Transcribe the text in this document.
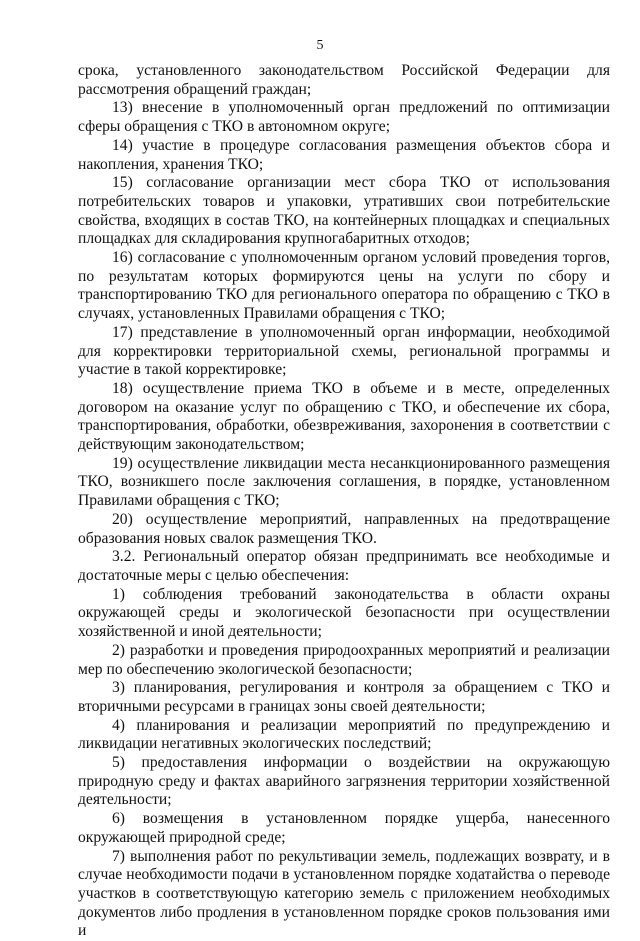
5

срока, установленного законодательством Российской Федерации для рассмотрения обращений граждан;

13) внесение в уполномоченный орган предложений по оптимизации сферы обращения с ТКО в автономном округе;

14) участие в процедуре согласования размещения объектов сбора и накопления, хранения ТКО;

15) согласование организации мест сбора ТКО от использования потребительских товаров и упаковки, утративших свои потребительские свойства, входящих в состав ТКО, на контейнерных площадках и специальных площадках для складирования крупногабаритных отходов;

16) согласование с уполномоченным органом условий проведения торгов, по результатам которых формируются цены на услуги по сбору и транспортированию ТКО для регионального оператора по обращению с ТКО в случаях, установленных Правилами обращения с ТКО;

17) представление в уполномоченный орган информации, необходимой для корректировки территориальной схемы, региональной программы и участие в такой корректировке;

18) осуществление приема ТКО в объеме и в месте, определенных договором на оказание услуг по обращению с ТКО, и обеспечение их сбора, транспортирования, обработки, обезвреживания, захоронения в соответствии с действующим законодательством;

19) осуществление ликвидации места несанкционированного размещения ТКО, возникшего после заключения соглашения, в порядке, установленном Правилами обращения с ТКО;

20) осуществление мероприятий, направленных на предотвращение образования новых свалок размещения ТКО.

3.2. Региональный оператор обязан предпринимать все необходимые и достаточные меры с целью обеспечения:

1) соблюдения требований законодательства в области охраны окружающей среды и экологической безопасности при осуществлении хозяйственной и иной деятельности;

2) разработки и проведения природоохранных мероприятий и реализации мер по обеспечению экологической безопасности;

3) планирования, регулирования и контроля за обращением с ТКО и вторичными ресурсами в границах зоны своей деятельности;

4) планирования и реализации мероприятий по предупреждению и ликвидации негативных экологических последствий;

5) предоставления информации о воздействии на окружающую природную среду и фактах аварийного загрязнения территории хозяйственной деятельности;

6) возмещения в установленном порядке ущерба, нанесенного окружающей природной среде;

7) выполнения работ по рекультивации земель, подлежащих возврату, и в случае необходимости подачи в установленном порядке ходатайства о переводе участков в соответствующую категорию земель с приложением необходимых документов либо продления в установленном порядке сроков пользования ими и
